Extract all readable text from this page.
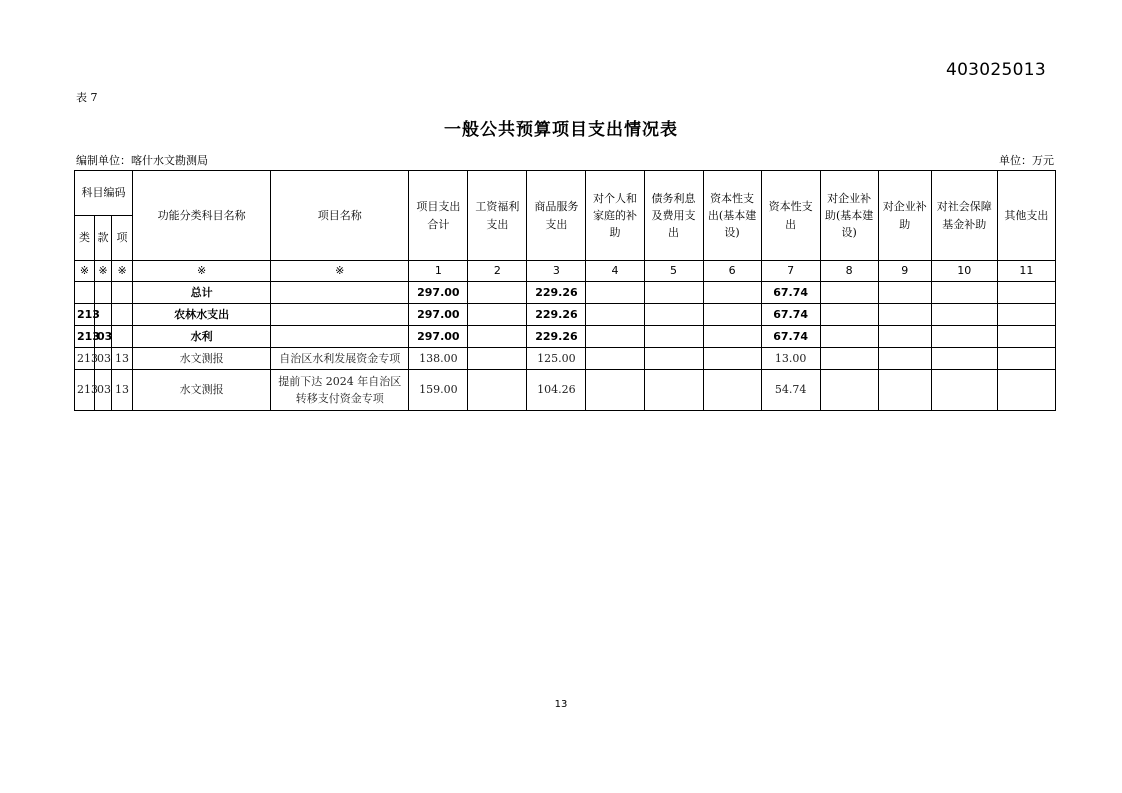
403025013
表 7
一般公共预算项目支出情况表
编制单位：喀什水文勘测局	单位：万元
科目编码			功能分类科目名称	项目名称	项目支出合计	工资福利支出	商品服务支出	对个人和家庭的补助	债务利息及费用支出	资本性支出(基本建设)	资本性支出	对企业补助(基本建设)	对企业补助	对社会保障基金补助	其他支出
类	款	项													
※	※	※	※	※	1	2	3	4	5	6	7	8	9	10	11
			总计		297.00		229.26				67.74				
213			农林水支出		297.00		229.26				67.74				
213	03		水利		297.00		229.26				67.74				
213	03	13	水文测报	自治区水利发展资金专项	138.00		125.00				13.00				
213	03	13	水文测报	提前下达 2024 年自治区转移支付资金专项	159.00		104.26				54.74				
13
